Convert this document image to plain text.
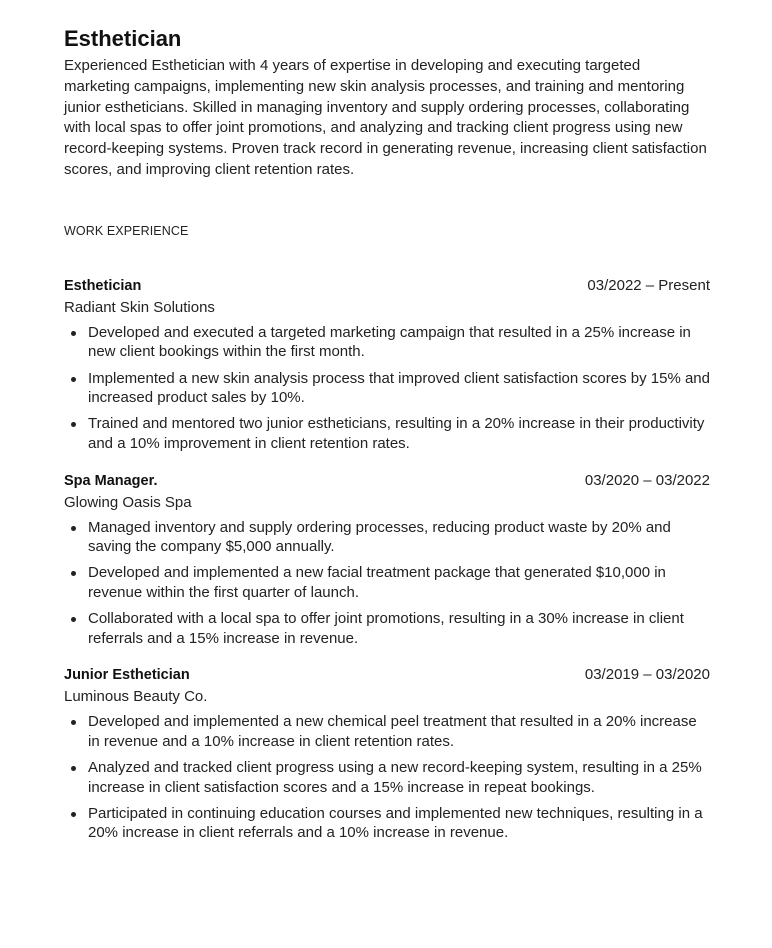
Esthetician

Experienced Esthetician with 4 years of expertise in developing and executing targeted marketing campaigns, implementing new skin analysis processes, and training and mentoring junior estheticians. Skilled in managing inventory and supply ordering processes, collaborating with local spas to offer joint promotions, and analyzing and tracking client progress using new record-keeping systems. Proven track record in generating revenue, increasing client satisfaction scores, and improving client retention rates.

WORK EXPERIENCE
Esthetician	03/2022 – Present
Radiant Skin Solutions
Developed and executed a targeted marketing campaign that resulted in a 25% increase in new client bookings within the first month.
Implemented a new skin analysis process that improved client satisfaction scores by 15% and increased product sales by 10%.
Trained and mentored two junior estheticians, resulting in a 20% increase in their productivity and a 10% improvement in client retention rates.
Spa Manager.	03/2020 – 03/2022
Glowing Oasis Spa
Managed inventory and supply ordering processes, reducing product waste by 20% and saving the company $5,000 annually.
Developed and implemented a new facial treatment package that generated $10,000 in revenue within the first quarter of launch.
Collaborated with a local spa to offer joint promotions, resulting in a 30% increase in client referrals and a 15% increase in revenue.
Junior Esthetician	03/2019 – 03/2020
Luminous Beauty Co.
Developed and implemented a new chemical peel treatment that resulted in a 20% increase in revenue and a 10% increase in client retention rates.
Analyzed and tracked client progress using a new record-keeping system, resulting in a 25% increase in client satisfaction scores and a 15% increase in repeat bookings.
Participated in continuing education courses and implemented new techniques, resulting in a 20% increase in client referrals and a 10% increase in revenue.
